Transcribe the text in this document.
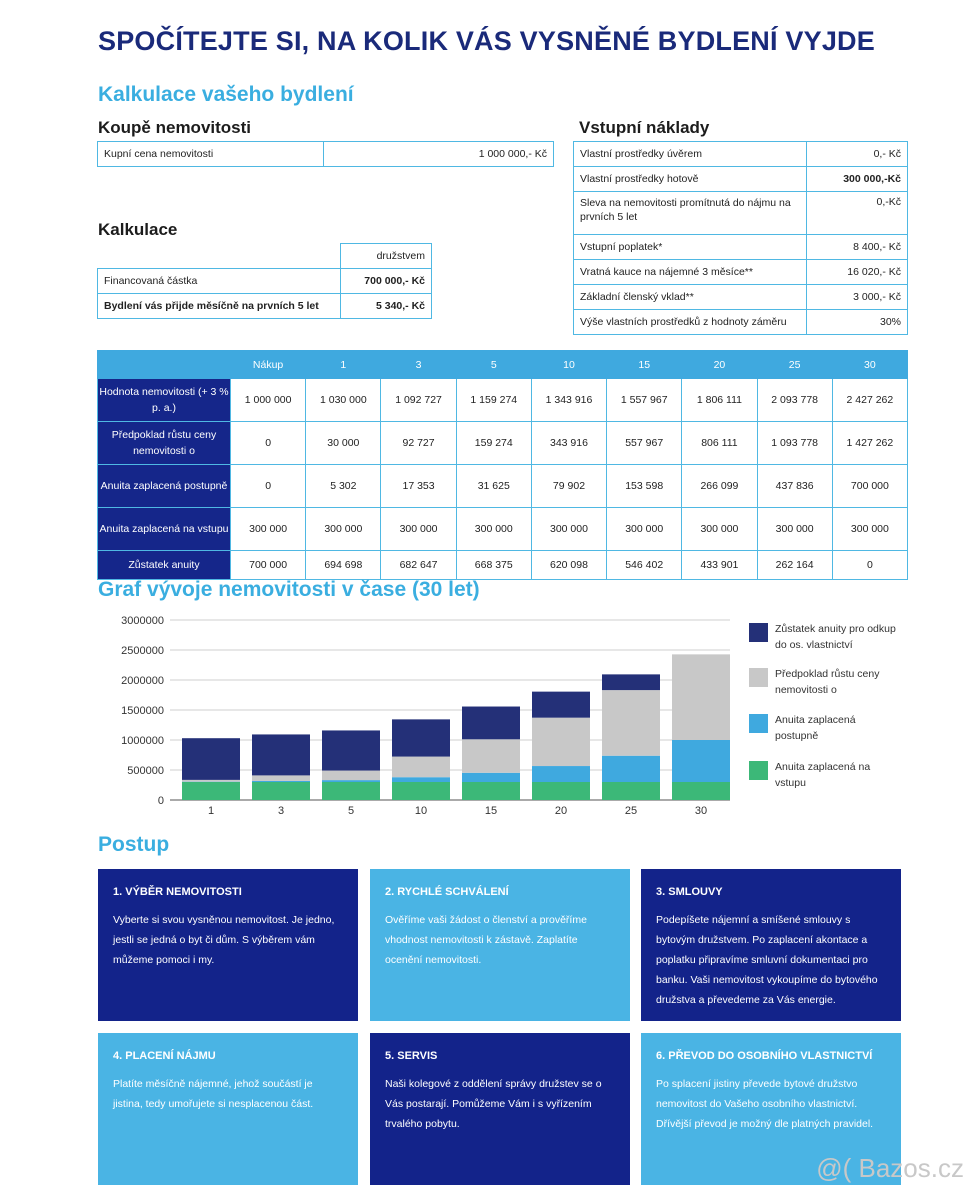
SPOČÍTEJTE SI, NA KOLIK VÁS VYSNĚNÉ BYDLENÍ VYJDE
Kalkulace vašeho bydlení
Koupě nemovitosti
Kupní cena nemovitosti	1 000 000,- Kč
Kalkulace
	družstvem
Financovaná částka	700 000,- Kč
Bydlení vás přijde měsíčně na prvních 5 let	5 340,- Kč
Vstupní náklady
Vlastní prostředky úvěrem	0,- Kč
Vlastní prostředky hotově	300 000,-Kč
Sleva na nemovitosti promítnutá do nájmu na prvních 5 let	0,-Kč
Vstupní poplatek*	8 400,- Kč
Vratná kauce na nájemné 3 měsíce**	16 020,- Kč
Základní členský vklad**	3 000,- Kč
Výše vlastních prostředků z hodnoty záměru	30%
	Nákup	1	3	5	10	15	20	25	30
Hodnota nemovitosti (+ 3 % p. a.)	1 000 000	1 030 000	1 092 727	1 159 274	1 343 916	1 557 967	1 806 111	2 093 778	2 427 262
Předpoklad růstu ceny nemovitosti o	0	30 000	92 727	159 274	343 916	557 967	806 111	1 093 778	1 427 262
Anuita zaplacená postupně	0	5 302	17 353	31 625	79 902	153 598	266 099	437 836	700 000
Anuita zaplacená na vstupu	300 000	300 000	300 000	300 000	300 000	300 000	300 000	300 000	300 000
Zůstatek anuity	700 000	694 698	682 647	668 375	620 098	546 402	433 901	262 164	0
Graf vývoje nemovitosti v čase (30 let)
0
500000
1000000
1500000
2000000
2500000
3000000
1	3	5	10	15	20	25	30
Zůstatek anuity pro odkup do os. vlastnictví
Předpoklad růstu ceny nemovitosti o
Anuita zaplacená postupně
Anuita zaplacená na vstupu
Postup
1. VÝBĚR NEMOVITOSTI
Vyberte si svou vysněnou nemovitost. Je jedno, jestli se jedná o byt či dům. S výběrem vám můžeme pomoci i my.
2. RYCHLÉ SCHVÁLENÍ
Ověříme vaši žádost o členství a prověříme vhodnost nemovitosti k zástavě. Zaplatíte ocenění nemovitosti.
3. SMLOUVY
Podepíšete nájemní a smíšené smlouvy s bytovým družstvem. Po zaplacení akontace a poplatku připravíme smluvní dokumentaci pro banku. Vaši nemovitost vykoupíme do bytového družstva a převedeme za Vás energie.
4. PLACENÍ NÁJMU
Platíte měsíčně nájemné, jehož součástí je jistina, tedy umořujete si nesplacenou část.
5. SERVIS
Naši kolegové z oddělení správy družstev se o Vás postarají. Pomůžeme Vám i s vyřízením trvalého pobytu.
6. PŘEVOD DO OSOBNÍHO VLASTNICTVÍ
Po splacení jistiny převede bytové družstvo nemovitost do Vašeho osobního vlastnictví. Dřívější převod je možný dle platných pravidel.
@( Bazos.cz
